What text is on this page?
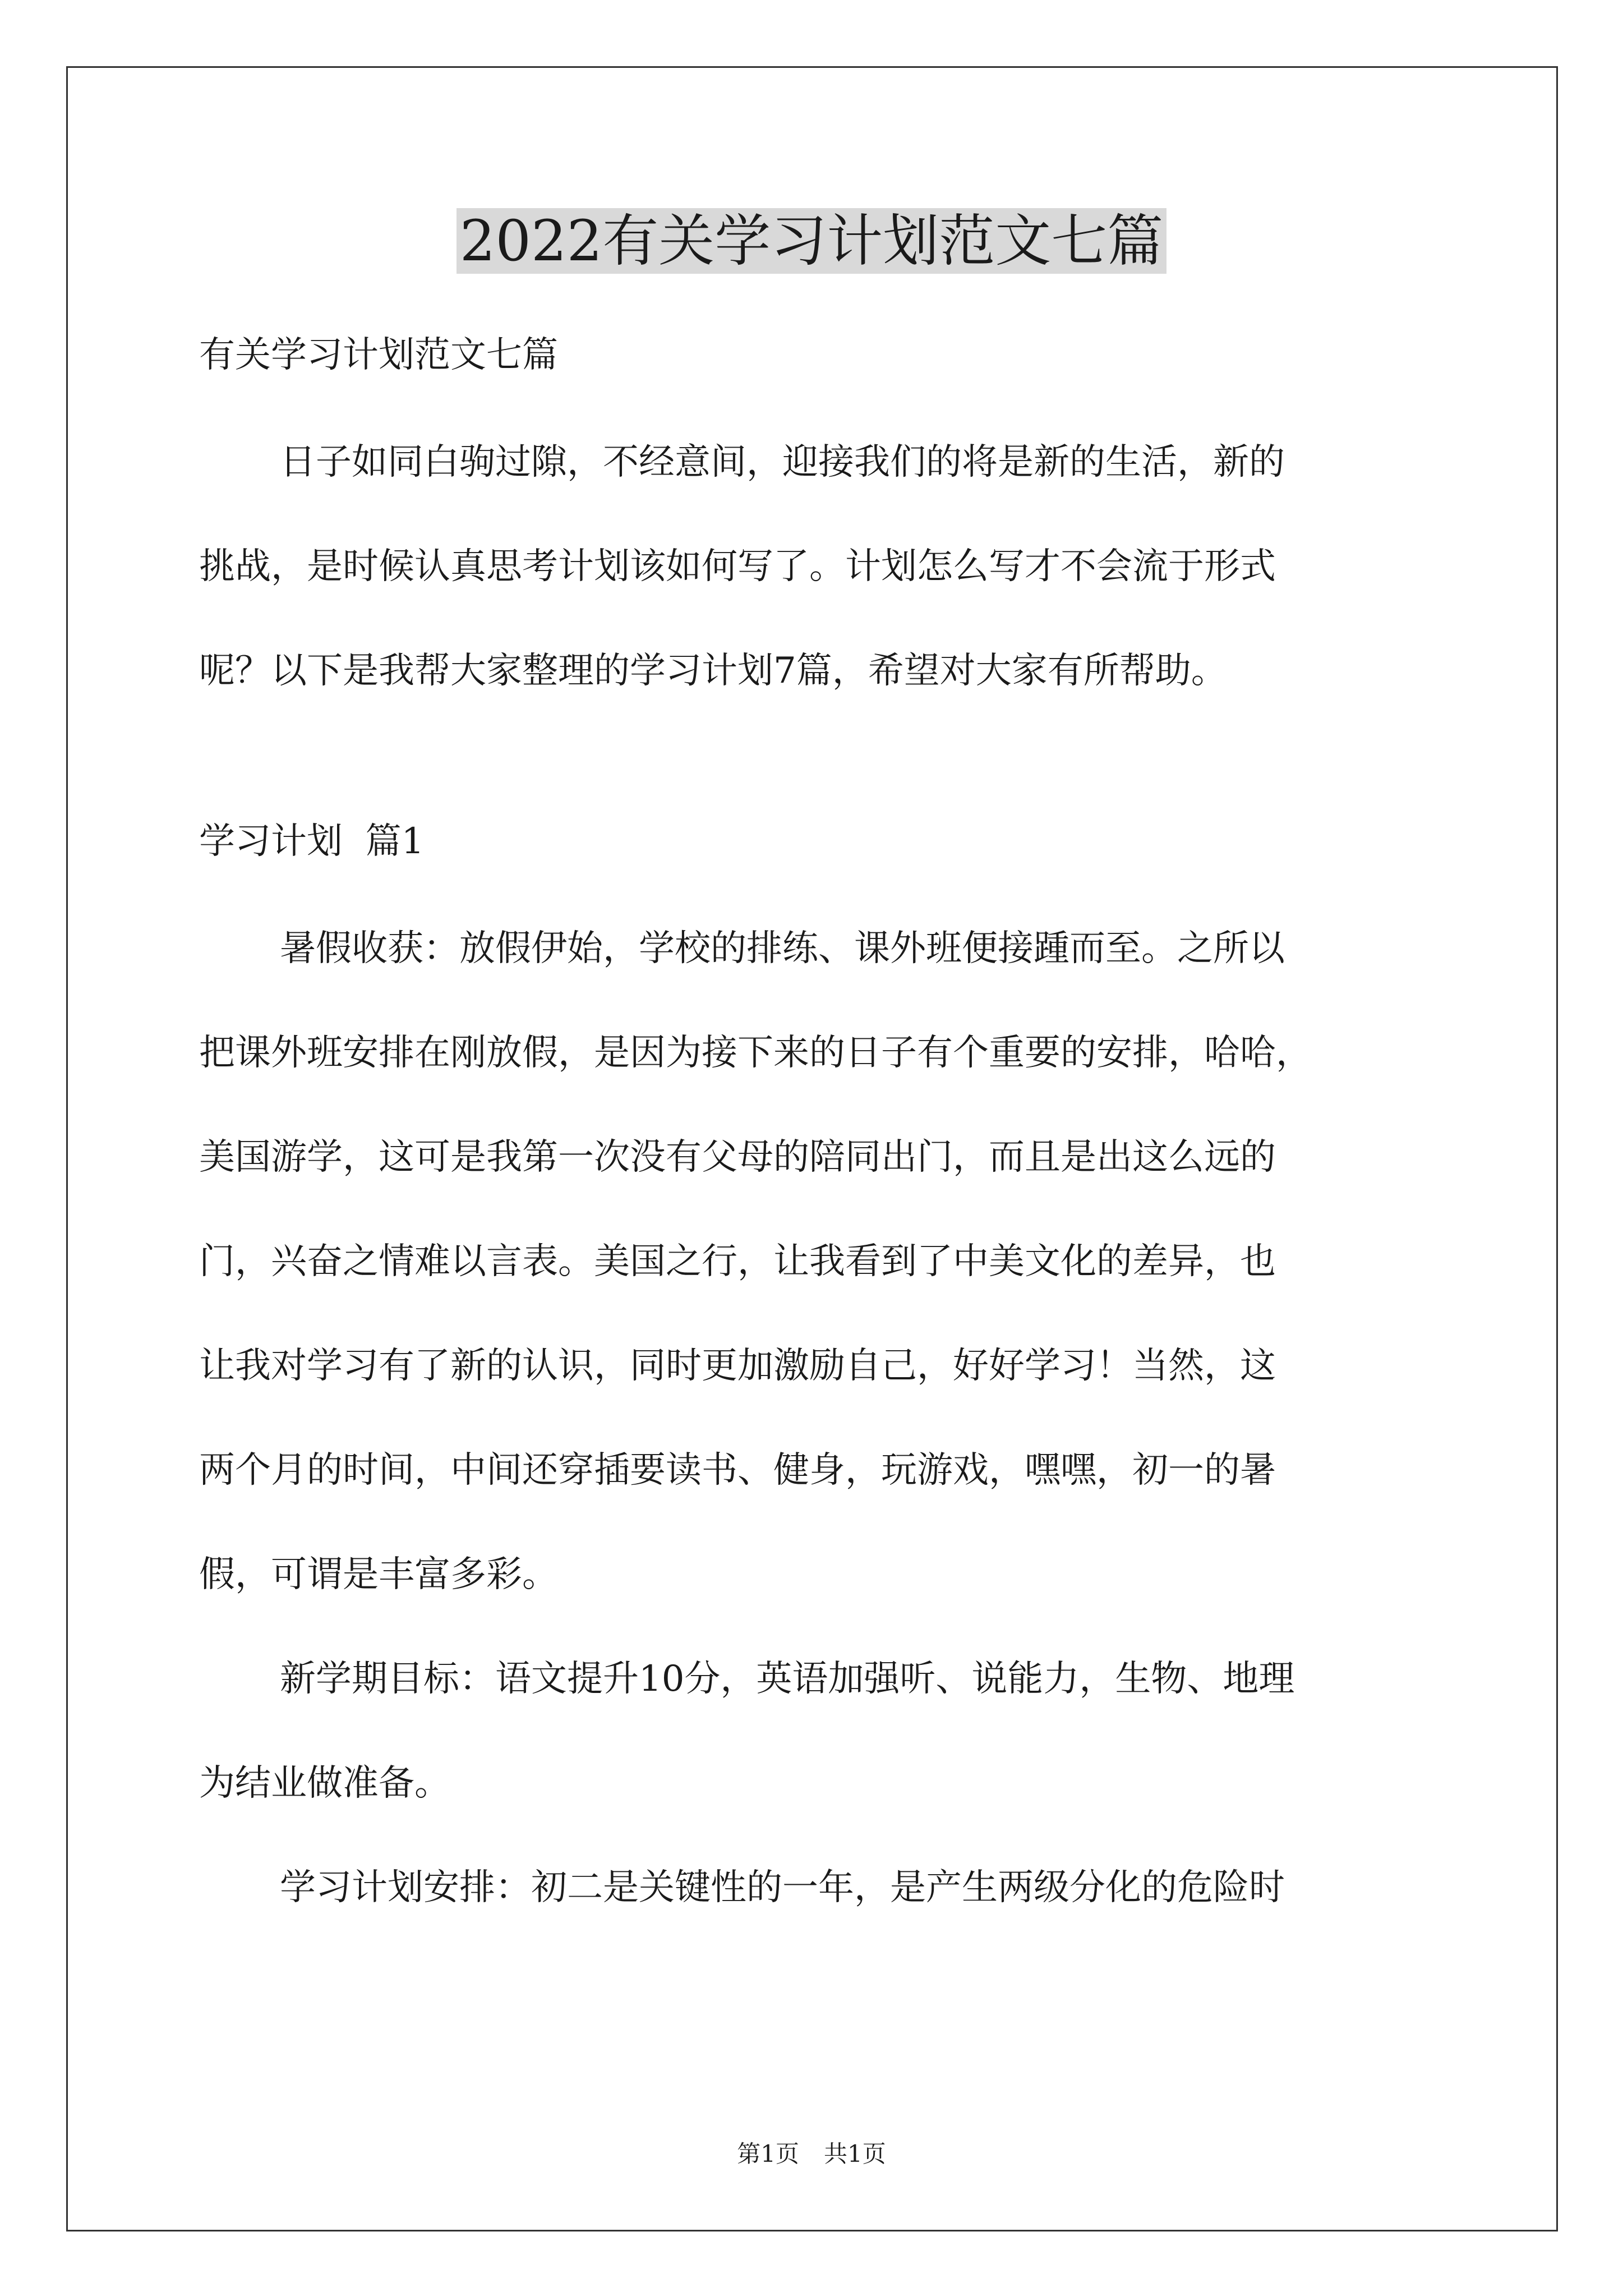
2022有关学习计划范文七篇

有关学习计划范文七篇

日子如同白驹过隙，不经意间，迎接我们的将是新的生活，新的

挑战，是时候认真思考计划该如何写了。计划怎么写才不会流于形式

呢？以下是我帮大家整理的学习计划7篇，希望对大家有所帮助。

学习计划  篇1

暑假收获：放假伊始，学校的排练、课外班便接踵而至。之所以

把课外班安排在刚放假，是因为接下来的日子有个重要的安排，哈哈，

美国游学，这可是我第一次没有父母的陪同出门，而且是出这么远的

门，兴奋之情难以言表。美国之行，让我看到了中美文化的差异，也

让我对学习有了新的认识，同时更加激励自己，好好学习！当然，这

两个月的时间，中间还穿插要读书、健身，玩游戏，嘿嘿，初一的暑

假，可谓是丰富多彩。

新学期目标：语文提升10分，英语加强听、说能力，生物、地理

为结业做准备。

学习计划安排：初二是关键性的一年，是产生两级分化的危险时

第1页 共1页
